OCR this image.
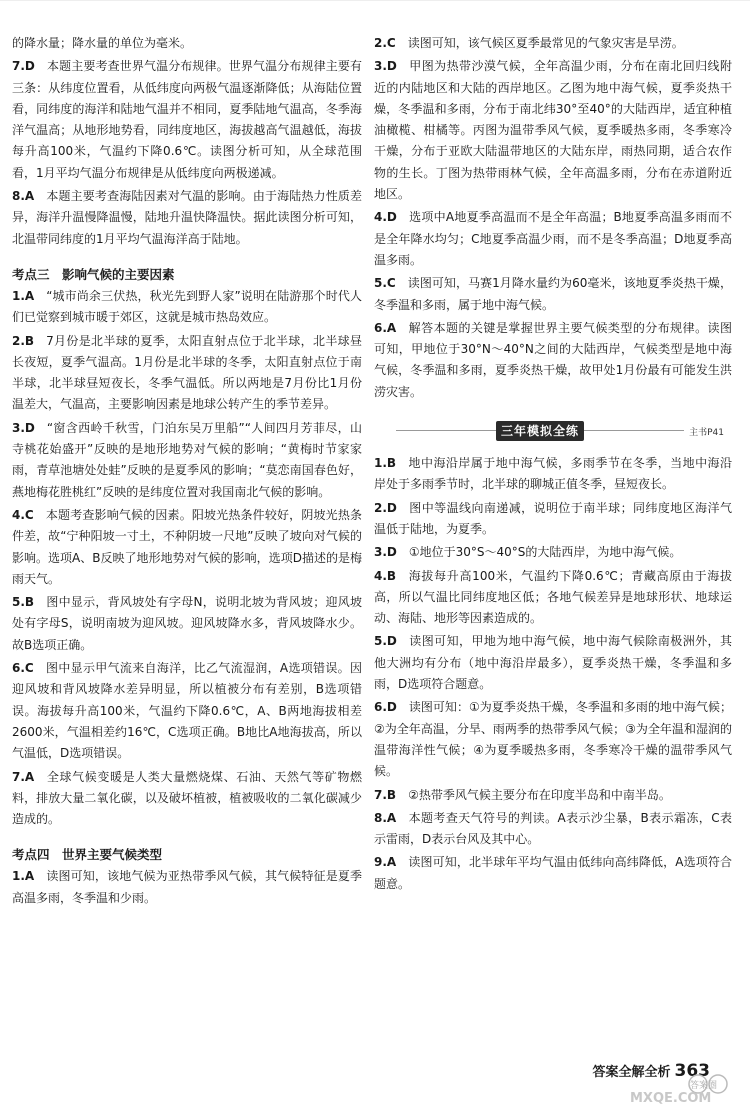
的降水量；降水量的单位为毫米。
7.D  本题主要考查世界气温分布规律。世界气温分布规律主要有三条：从纬度位置看，从低纬度向两极气温逐渐降低；从海陆位置看，同纬度的海洋和陆地气温并不相同，夏季陆地气温高，冬季海洋气温高；从地形地势看，同纬度地区，海拔越高气温越低，海拔每升高100米，气温约下降0.6℃。读图分析可知，从全球范围看，1月平均气温分布规律是从低纬度向两极递减。
8.A  本题主要考查海陆因素对气温的影响。由于海陆热力性质差异，海洋升温慢降温慢，陆地升温快降温快。据此读图分析可知，北温带同纬度的1月平均气温海洋高于陆地。
考点三　影响气候的主要因素
1.A  “城市尚余三伏热，秋光先到野人家”说明在陆游那个时代人们已觉察到城市暖于郊区，这就是城市热岛效应。
2.B  7月份是北半球的夏季，太阳直射点位于北半球，北半球昼长夜短，夏季气温高。1月份是北半球的冬季，太阳直射点位于南半球，北半球昼短夜长，冬季气温低。所以两地是7月份比1月份温差大，气温高，主要影响因素是地球公转产生的季节差异。
3.D  “窗含西岭千秋雪，门泊东吴万里船”“人间四月芳菲尽，山寺桃花始盛开”反映的是地形地势对气候的影响；“黄梅时节家家雨，青草池塘处处蛙”反映的是夏季风的影响；“莫恋南国春色好，燕地梅花胜桃红”反映的是纬度位置对我国南北气候的影响。
4.C  本题考查影响气候的因素。阳坡光热条件较好，阴坡光热条件差，故“宁种阳坡一寸土，不种阴坡一尺地”反映了坡向对气候的影响。选项A、B反映了地形地势对气候的影响，选项D描述的是梅雨天气。
5.B  图中显示，背风坡处有字母N，说明北坡为背风坡；迎风坡处有字母S，说明南坡为迎风坡。迎风坡降水多，背风坡降水少。故B选项正确。
6.C  图中显示甲气流来自海洋，比乙气流湿润，A选项错误。因迎风坡和背风坡降水差异明显，所以植被分布有差别，B选项错误。海拔每升高100米，气温约下降0.6℃，A、B两地海拔相差2600米，气温相差约16℃，C选项正确。B地比A地海拔高，所以气温低，D选项错误。
7.A  全球气候变暖是人类大量燃烧煤、石油、天然气等矿物燃料，排放大量二氧化碳，以及破坏植被，植被吸收的二氧化碳减少造成的。
考点四　世界主要气候类型
1.A  读图可知，该地气候为亚热带季风气候，其气候特征是夏季高温多雨，冬季温和少雨。
2.C  读图可知，该气候区夏季最常见的气象灾害是旱涝。
3.D  甲图为热带沙漠气候，全年高温少雨，分布在南北回归线附近的内陆地区和大陆的西岸地区。乙图为地中海气候，夏季炎热干燥，冬季温和多雨，分布于南北纬30°至40°的大陆西岸，适宜种植油橄榄、柑橘等。丙图为温带季风气候，夏季暖热多雨，冬季寒冷干燥，分布于亚欧大陆温带地区的大陆东岸，雨热同期，适合农作物的生长。丁图为热带雨林气候，全年高温多雨，分布在赤道附近地区。
4.D  选项中A地夏季高温而不是全年高温；B地夏季高温多雨而不是全年降水均匀；C地夏季高温少雨，而不是冬季高温；D地夏季高温多雨。
5.C  读图可知，马赛1月降水量约为60毫米，该地夏季炎热干燥，冬季温和多雨，属于地中海气候。
6.A  解答本题的关键是掌握世界主要气候类型的分布规律。读图可知，甲地位于30°N～40°N之间的大陆西岸，气候类型是地中海气候，冬季温和多雨，夏季炎热干燥，故甲处1月份最有可能发生洪涝灾害。
三年模拟全练	主书P41
1.B  地中海沿岸属于地中海气候，多雨季节在冬季，当地中海沿岸处于多雨季节时，北半球的聊城正值冬季，昼短夜长。
2.D  图中等温线向南递减，说明位于南半球；同纬度地区海洋气温低于陆地，为夏季。
3.D  ①地位于30°S～40°S的大陆西岸，为地中海气候。
4.B  海拔每升高100米，气温约下降0.6℃；青藏高原由于海拔高，所以气温比同纬度地区低；各地气候差异是地球形状、地球运动、海陆、地形等因素造成的。
5.D  读图可知，甲地为地中海气候，地中海气候除南极洲外，其他大洲均有分布（地中海沿岸最多），夏季炎热干燥，冬季温和多雨，D选项符合题意。
6.D  读图可知：①为夏季炎热干燥，冬季温和多雨的地中海气候；②为全年高温，分旱、雨两季的热带季风气候；③为全年温和湿润的温带海洋性气候；④为夏季暖热多雨，冬季寒冷干燥的温带季风气候。
7.B  ②热带季风气候主要分布在印度半岛和中南半岛。
8.A  本题考查天气符号的判读。A表示沙尘暴，B表示霜冻，C表示雷雨，D表示台风及其中心。
9.A  读图可知，北半球年平均气温由低纬向高纬降低，A选项符合题意。
答案全解全析 363
答案圈
MXQE.COM
